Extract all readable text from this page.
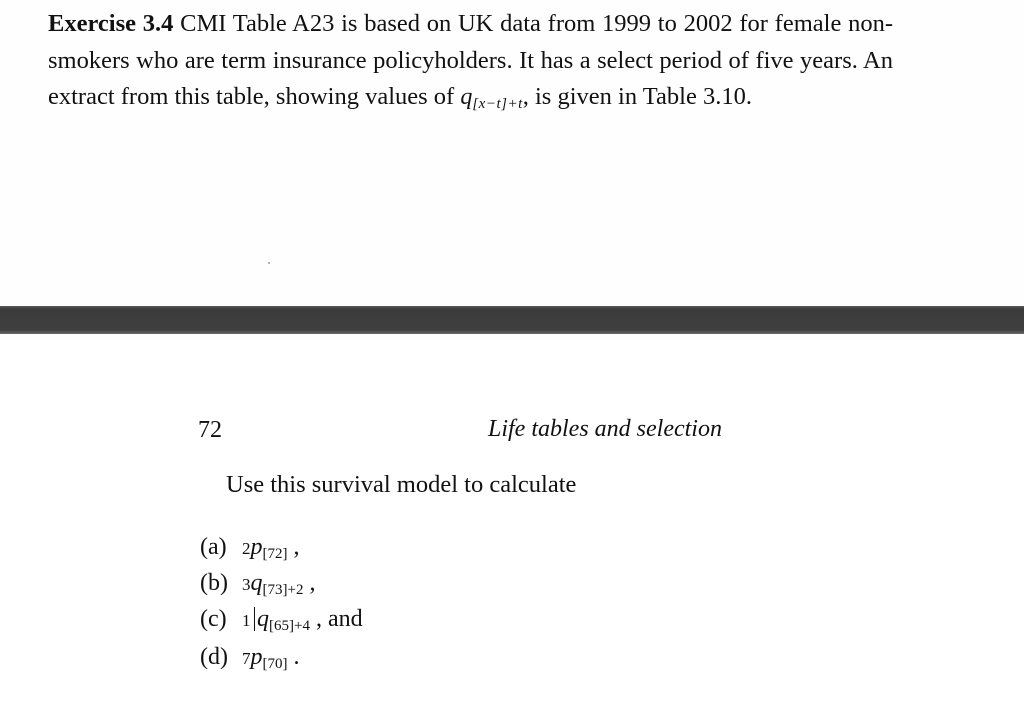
Exercise 3.4 CMI Table A23 is based on UK data from 1999 to 2002 for female non-smokers who are term insurance policyholders. It has a select period of five years. An extract from this table, showing values of $q_{[x-t]+t}$, is given in Table 3.10.
72	Life tables and selection
Use this survival model to calculate
(a) 2p[72] ,
(b) 3q[73]+2 ,
(c) 1 q[65]+4 , and
(d) 7p[70] .
